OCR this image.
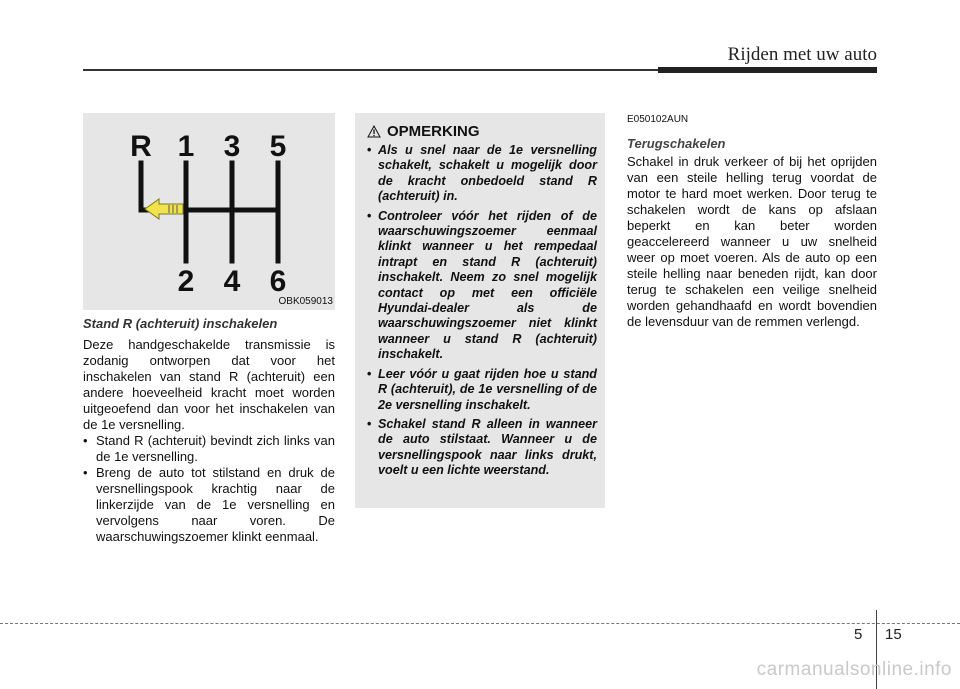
Rijden met uw auto
R 1 3 5
2 4 6
OBK059013

Stand R (achteruit) inschakelen

Deze handgeschakelde transmissie is zodanig ontworpen dat voor het inschakelen van stand R (achteruit) een andere hoeveelheid kracht moet worden uitgeoefend dan voor het inschakelen van de 1e versnelling.

• Stand R (achteruit) bevindt zich links van de 1e versnelling.
• Breng de auto tot stilstand en druk de versnellingspook krachtig naar de linkerzijde van de 1e versnelling en vervolgens naar voren. De waarschuwingszoemer klinkt eenmaal.
OPMERKING
• Als u snel naar de 1e versnelling schakelt, schakelt u mogelijk door de kracht onbedoeld stand R (achteruit) in.
• Controleer vóór het rijden of de waarschuwingszoemer eenmaal klinkt wanneer u het rempedaal intrapt en stand R (achteruit) inschakelt. Neem zo snel mogelijk contact op met een officiële Hyundai-dealer als de waarschuwingszoemer niet klinkt wanneer u stand R (achteruit) inschakelt.
• Leer vóór u gaat rijden hoe u stand R (achteruit), de 1e versnelling of de 2e versnelling inschakelt.
• Schakel stand R alleen in wanneer de auto stilstaat. Wanneer u de versnellingspook naar links drukt, voelt u een lichte weerstand.

E050102AUN

Terugschakelen

Schakel in druk verkeer of bij het oprijden van een steile helling terug voordat de motor te hard moet werken. Door terug te schakelen wordt de kans op afslaan beperkt en kan beter worden geaccelereerd wanneer u uw snelheid weer op moet voeren. Als de auto op een steile helling naar beneden rijdt, kan door terug te schakelen een veilige snelheid worden gehandhaafd en wordt bovendien de levensduur van de remmen verlengd.

5 15
carmanualsonline.info
